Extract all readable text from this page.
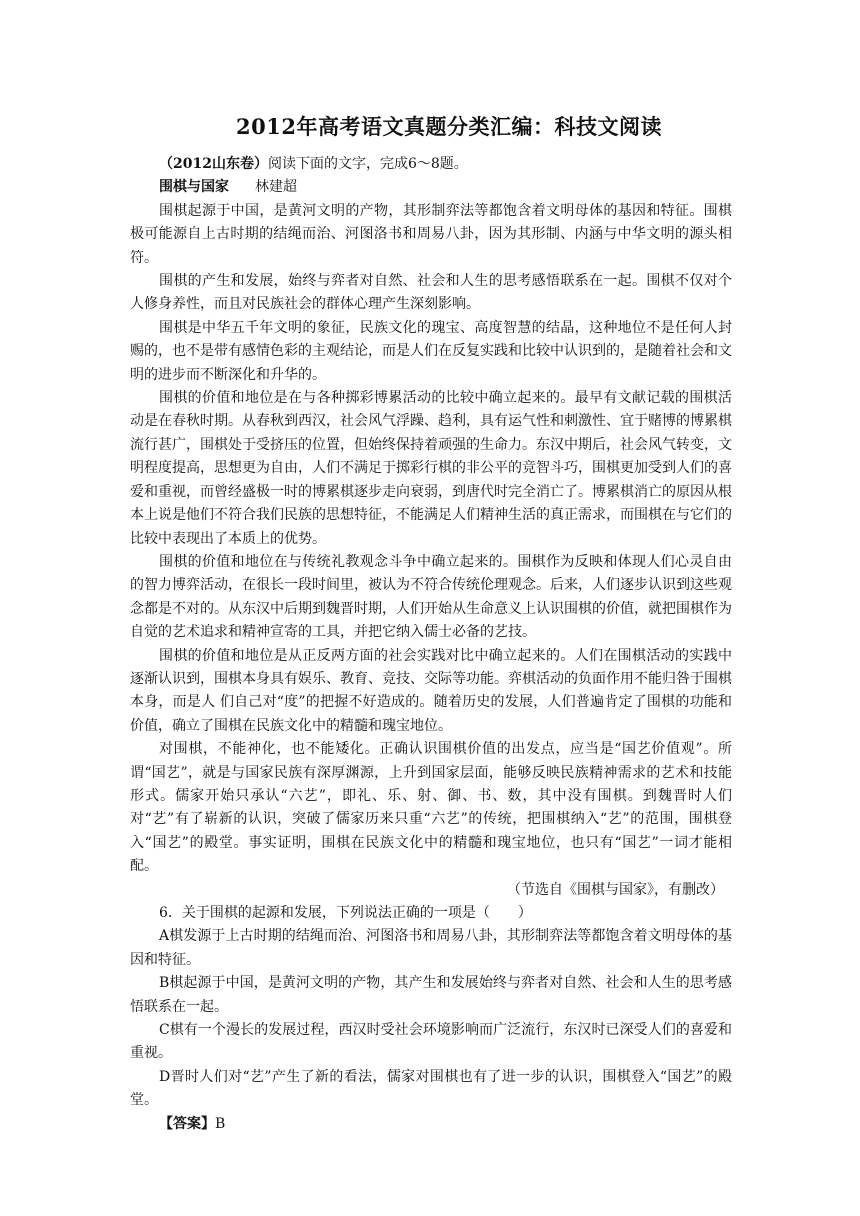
2012年高考语文真题分类汇编：科技文阅读

（2012山东卷）阅读下面的文字，完成6～8题。

围棋与国家 林建超

围棋起源于中国，是黄河文明的产物，其形制弈法等都饱含着文明母体的基因和特征。围棋极可能源自上古时期的结绳而治、河图洛书和周易八卦，因为其形制、内涵与中华文明的源头相符。

围棋的产生和发展，始终与弈者对自然、社会和人生的思考感悟联系在一起。围棋不仅对个人修身养性，而且对民族社会的群体心理产生深刻影响。

围棋是中华五千年文明的象征，民族文化的瑰宝、高度智慧的结晶，这种地位不是任何人封赐的，也不是带有感情色彩的主观结论，而是人们在反复实践和比较中认识到的，是随着社会和文明的进步而不断深化和升华的。

围棋的价值和地位是在与各种掷彩博累活动的比较中确立起来的。最早有文献记载的围棋活动是在春秋时期。从春秋到西汉，社会风气浮躁、趋利，具有运气性和刺激性、宜于赌博的博累棋流行甚广，围棋处于受挤压的位置，但始终保持着顽强的生命力。东汉中期后，社会风气转变，文明程度提高，思想更为自由，人们不满足于掷彩行棋的非公平的竞智斗巧，围棋更加受到人们的喜爱和重视，而曾经盛极一时的博累棋逐步走向衰弱，到唐代时完全消亡了。博累棋消亡的原因从根本上说是他们不符合我们民族的思想特征，不能满足人们精神生活的真正需求，而围棋在与它们的比较中表现出了本质上的优势。

围棋的价值和地位在与传统礼教观念斗争中确立起来的。围棋作为反映和体现人们心灵自由的智力博弈活动，在很长一段时间里，被认为不符合传统伦理观念。后来，人们逐步认识到这些观念都是不对的。从东汉中后期到魏晋时期，人们开始从生命意义上认识围棋的价值，就把围棋作为自觉的艺术追求和精神宣寄的工具，并把它纳入儒士必备的艺技。

围棋的价值和地位是从正反两方面的社会实践对比中确立起来的。人们在围棋活动的实践中逐渐认识到，围棋本身具有娱乐、教育、竞技、交际等功能。弈棋活动的负面作用不能归咎于围棋本身，而是人 们自己对“度”的把握不好造成的。随着历史的发展，人们普遍肯定了围棋的功能和价值，确立了围棋在民族文化中的精髓和瑰宝地位。

对围棋，不能神化，也不能矮化。正确认识围棋价值的出发点，应当是“国艺价值观”。所谓“国艺”，就是与国家民族有深厚渊源，上升到国家层面，能够反映民族精神需求的艺术和技能形式。儒家开始只承认“六艺”，即礼、乐、射、御、书、数，其中没有围棋。到魏晋时人们对“艺”有了崭新的认识，突破了儒家历来只重“六艺”的传统，把围棋纳入“艺”的范围，围棋登入“国艺”的殿堂。事实证明，围棋在民族文化中的精髓和瑰宝地位，也只有“国艺”一词才能相配。

（节选自《围棋与国家》，有删改）

6．关于围棋的起源和发展，下列说法正确的一项是（　　）

A棋发源于上古时期的结绳而治、河图洛书和周易八卦，其形制弈法等都饱含着文明母体的基因和特征。

B棋起源于中国，是黄河文明的产物，其产生和发展始终与弈者对自然、社会和人生的思考感悟联系在一起。

C棋有一个漫长的发展过程，西汉时受社会环境影响而广泛流行，东汉时已深受人们的喜爱和重视。

D晋时人们对“艺”产生了新的看法，儒家对围棋也有了进一步的认识，围棋登入“国艺”的殿堂。

【答案】B
